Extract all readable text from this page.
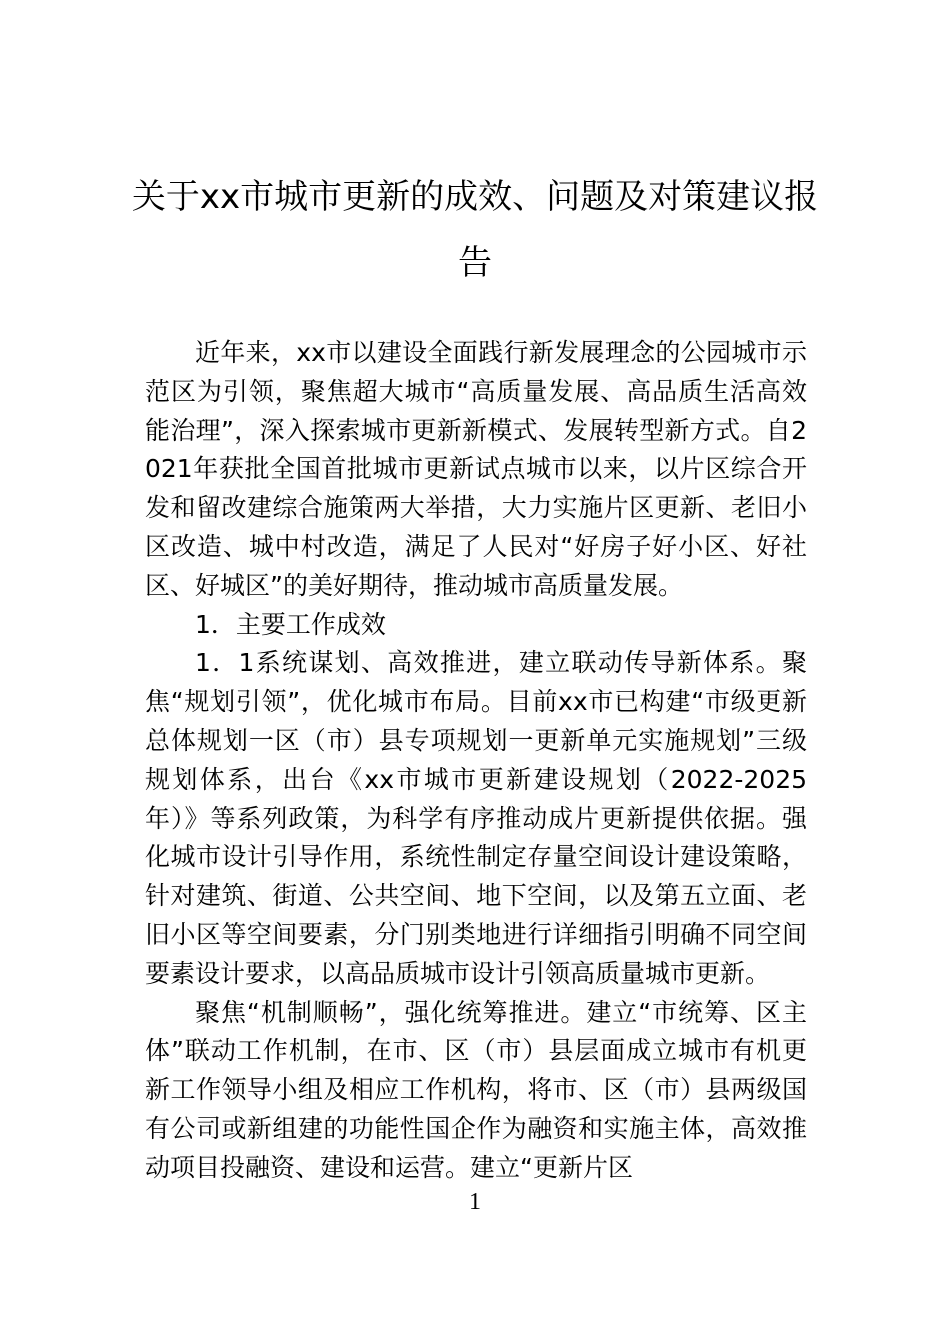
关于xx市城市更新的成效、问题及对策建议报告

近年来，xx市以建设全面践行新发展理念的公园城市示范区为引领，聚焦超大城市“高质量发展、高品质生活高效能治理”，深入探索城市更新新模式、发展转型新方式。自2021年获批全国首批城市更新试点城市以来，以片区综合开发和留改建综合施策两大举措，大力实施片区更新、老旧小区改造、城中村改造，满足了人民对“好房子好小区、好社区、好城区”的美好期待，推动城市高质量发展。

1．主要工作成效

1．1系统谋划、高效推进，建立联动传导新体系。聚焦“规划引领”，优化城市布局。目前xx市已构建“市级更新总体规划一区（市）县专项规划一更新单元实施规划”三级规划体系，出台《xx市城市更新建设规划（2022-2025年）》等系列政策，为科学有序推动成片更新提供依据。强化城市设计引导作用，系统性制定存量空间设计建设策略，针对建筑、街道、公共空间、地下空间，以及第五立面、老旧小区等空间要素，分门别类地进行详细指引明确不同空间要素设计要求，以高品质城市设计引领高质量城市更新。

聚焦“机制顺畅”，强化统筹推进。建立“市统筹、区主体”联动工作机制，在市、区（市）县层面成立城市有机更新工作领导小组及相应工作机构，将市、区（市）县两级国有公司或新组建的功能性国企作为融资和实施主体，高效推动项目投融资、建设和运营。建立“更新片区

1
